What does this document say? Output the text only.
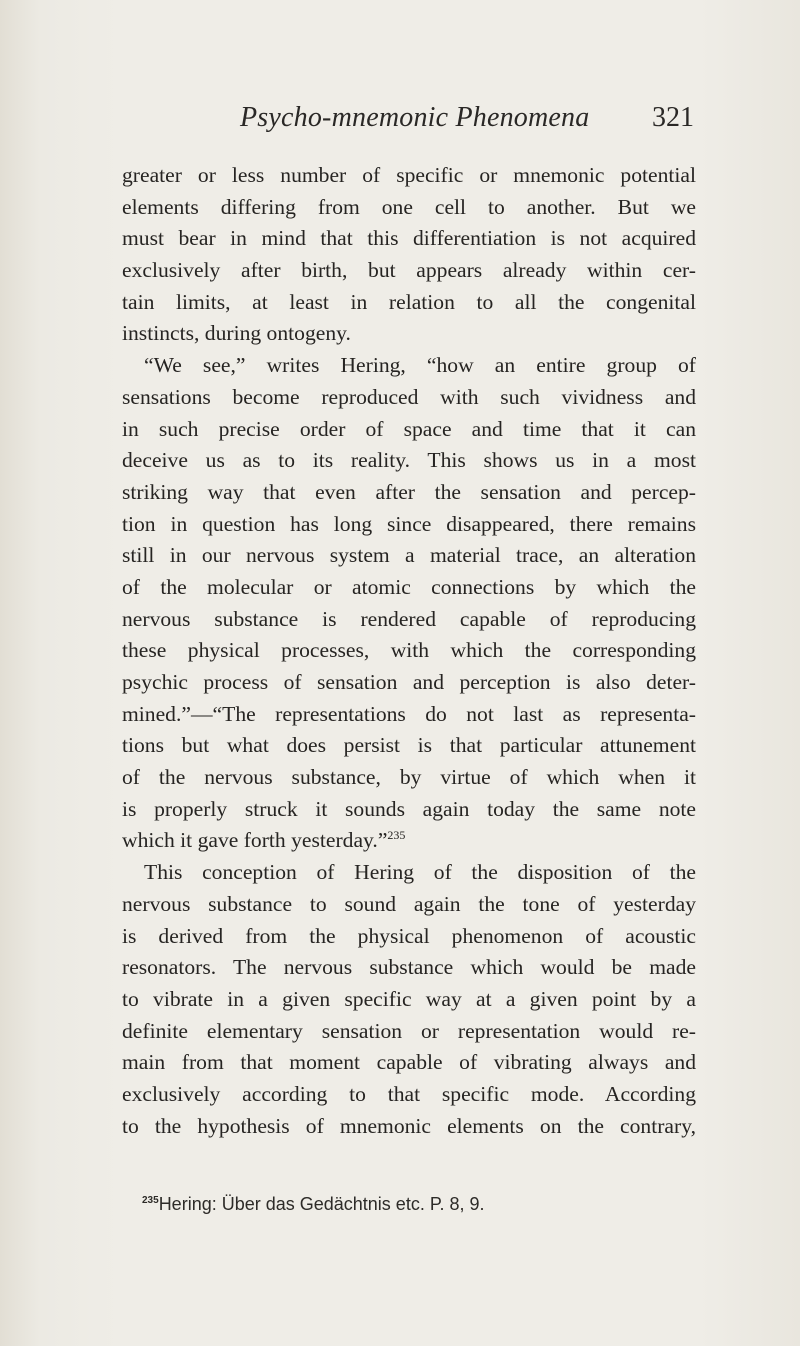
Psycho-mnemonic Phenomena 321
greater or less number of specific or mnemonic potential
elements differing from one cell to another. But we
must bear in mind that this differentiation is not acquired
exclusively after birth, but appears already within cer-
tain limits, at least in relation to all the congenital
instincts, during ontogeny.
“We see,” writes Hering, “how an entire group of
sensations become reproduced with such vividness and
in such precise order of space and time that it can
deceive us as to its reality. This shows us in a most
striking way that even after the sensation and percep-
tion in question has long since disappeared, there remains
still in our nervous system a material trace, an alteration
of the molecular or atomic connections by which the
nervous substance is rendered capable of reproducing
these physical processes, with which the corresponding
psychic process of sensation and perception is also deter-
mined.”—“The representations do not last as representa-
tions but what does persist is that particular attunement
of the nervous substance, by virtue of which when it
is properly struck it sounds again today the same note
which it gave forth yesterday.”$^{235}$
This conception of Hering of the disposition of the
nervous substance to sound again the tone of yesterday
is derived from the physical phenomenon of acoustic
resonators. The nervous substance which would be made
to vibrate in a given specific way at a given point by a
definite elementary sensation or representation would re-
main from that moment capable of vibrating always and
exclusively according to that specific mode. According
to the hypothesis of mnemonic elements on the contrary,
$^{235}$Hering: Über das Gedächtnis etc. P. 8, 9.
